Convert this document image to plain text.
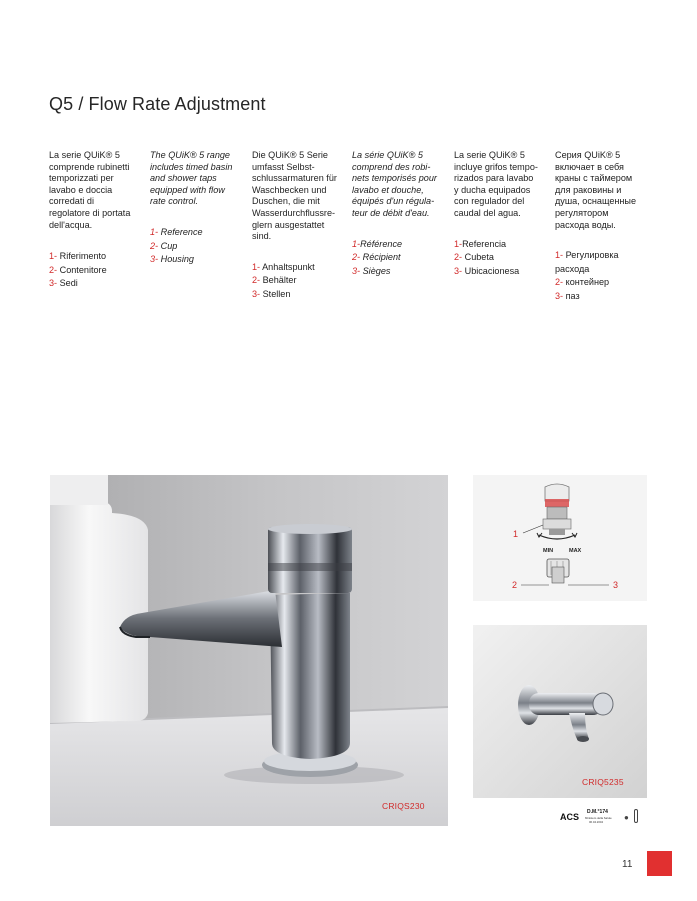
Q5 / Flow Rate Adjustment

La serie QUiK® 5
comprende rubinetti
temporizzati per
lavabo e doccia
corredati di
regolatore di portata
dell'acqua.

1- Riferimento
2- Contenitore
3- Sedi

The QUiK® 5 range
includes timed basin
and shower taps
equipped with flow
rate control.

1- Reference
2- Cup
3- Housing

Die QUiK® 5 Serie
umfasst Selbst-
schlussarmaturen für
Waschbecken und
Duschen, die mit
Wasserdurchflussre-
glern ausgestattet
sind.

1- Anhaltspunkt
2- Behälter
3- Stellen

La série QUiK® 5
comprend des robi-
nets temporisés pour
lavabo et douche,
équipés d'un régula-
teur de débit d'eau.

1-Référence
2- Récipient
3- Sièges

La serie QUiK® 5
incluye grifos tempo-
rizados para lavabo
y ducha equipados
con regulador del
caudal del agua.

1-Referencia
2- Cubeta
3- Ubicacionesa

Серия QUiK® 5
включает в себя
краны с таймером
для раковины и
душа, оснащенные
регулятором
расхода воды.

1- Регулировка
расхода
2- контейнер
3- паз
CRIQS230
1
2	3
MIN	MAX
CRIQ5235
ACS D.M.°174
Ministero della Salute
06.04.2004	●
11
